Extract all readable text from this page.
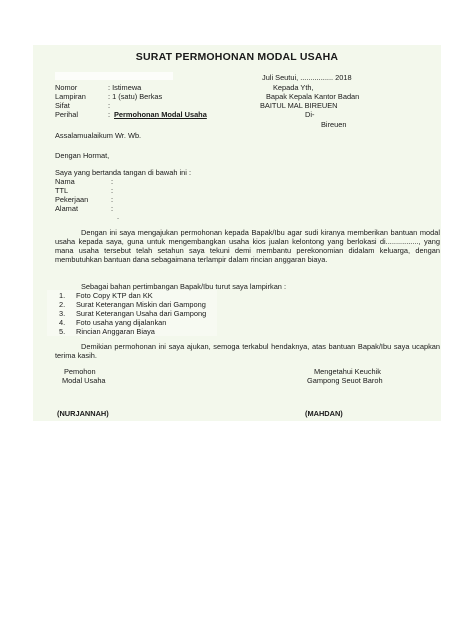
SURAT PERMOHONAN MODAL USAHA
Juli Seutui, ................ 2018
Nomor	: Istimewa
Lampiran	: 1 (satu) Berkas
Sifat	:
Perihal	: Permohonan Modal Usaha
Kepada Yth,
Bapak Kepala Kantor Badan
BAITUL MAL BIREUEN
Di-
Bireuen
Assalamualaikum Wr. Wb.
Dengan Hormat,
Saya yang bertanda tangan di bawah ini :
Nama	:
TTL	:
Pekerjaan	:
Alamat	:
.
Dengan ini saya mengajukan permohonan kepada Bapak/Ibu agar sudi kiranya memberikan bantuan modal usaha kepada saya, guna untuk mengembangkan usaha kios jualan kelontong yang berlokasi di................, yang mana usaha tersebut telah setahun saya tekuni demi membantu perekonomian didalam keluarga, dengan membutuhkan bantuan dana sebagaimana terlampir dalam rincian anggaran biaya.
Sebagai bahan pertimbangan Bapak/Ibu turut saya lampirkan :
1. Foto Copy KTP dan KK
2. Surat Keterangan Miskin dari Gampong
3. Surat Keterangan Usaha dari Gampong
4. Foto usaha yang dijalankan
5. Rincian Anggaran Biaya
Demikian permohonan ini saya ajukan, semoga terkabul hendaknya, atas bantuan Bapak/Ibu saya ucapkan terima kasih.
Pemohon
Modal Usaha
Mengetahui Keuchik
Gampong Seuot Baroh
(NURJANNAH)	(MAHDAN)
